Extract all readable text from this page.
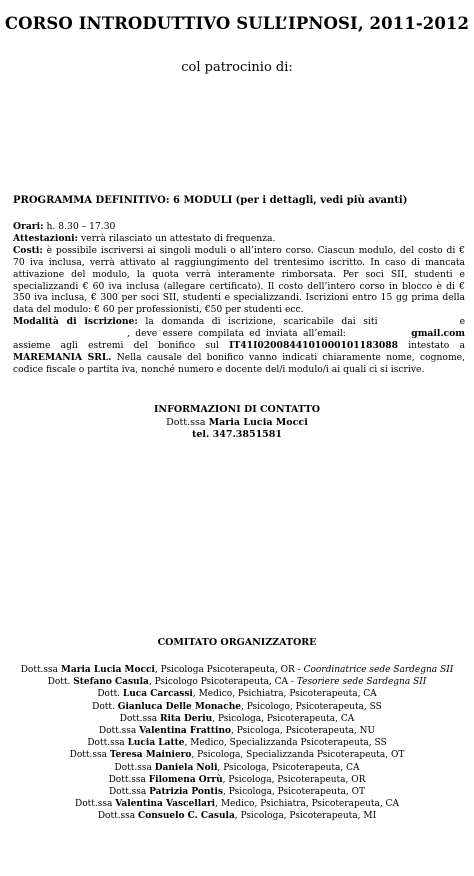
CORSO INTRODUTTIVO SULL’IPNOSI, 2011-2012
col patrocinio di:
PROGRAMMA DEFINITIVO: 6 MODULI (per i dettagli, vedi più avanti)

Orari: h. 8.30 – 17.30

Attestazioni: verrà rilasciato un attestato di frequenza.

Costi: è possibile iscriversi ai singoli moduli o all’intero corso. Ciascun modulo, del costo di € 70 iva inclusa, verrà attivato al raggiungimento del trentesimo iscritto. In caso di mancata attivazione del modulo, la quota verrà interamente rimborsata. Per soci SII, studenti e specializzandi € 60 iva inclusa (allegare certificato). Il costo dell’intero corso in blocco è di € 350 iva inclusa, € 300 per soci SII, studenti e specializzandi. Iscrizioni entro 15 gg prima della data del modulo: € 60 per professionisti, €50 per studenti ecc.

Modalità di iscrizione: la domanda di iscrizione, scaricabile dai siti	e , deve essere compilata ed inviata all’email:	gmail.com assieme agli estremi del bonifico sul IT41I0200844101000101183088 intestato a MAREMANIA SRL. Nella causale del bonifico vanno indicati chiaramente nome, cognome, codice fiscale o partita iva, nonché numero e docente del/i modulo/i ai quali ci si iscrive.

INFORMAZIONI DI CONTATTO
Dott.ssa Maria Lucia Mocci
tel. 347.3851581
COMITATO ORGANIZZATORE
Dott.ssa Maria Lucia Mocci, Psicologa Psicoterapeuta, OR - Coordinatrice sede Sardegna SII
Dott. Stefano Casula, Psicologo Psicoterapeuta, CA - Tesoriere sede Sardegna SII
Dott. Luca Carcassi, Medico, Psichiatra, Psicoterapeuta, CA
Dott. Gianluca Delle Monache, Psicologo, Psicoterapeuta, SS
Dott.ssa Rita Deriu, Psicologa, Psicoterapeuta, CA
Dott.ssa Valentina Frattino, Psicologa, Psicoterapeuta, NU
Dott.ssa Lucia Latte, Medico, Specializzanda Psicoterapeuta, SS
Dott.ssa Teresa Mainiero, Psicologa, Specializzanda Psicoterapeuta, OT
Dott.ssa Daniela Noli, Psicologa, Psicoterapeuta, CA
Dott.ssa Filomena Orrù, Psicologa, Psicoterapeuta, OR
Dott.ssa Patrizia Pontis, Psicologa, Psicoterapeuta, OT
Dott.ssa Valentina Vascellari, Medico, Psichiatra, Psicoterapeuta, CA
Dott.ssa Consuelo C. Casula, Psicologa, Psicoterapeuta, MI
